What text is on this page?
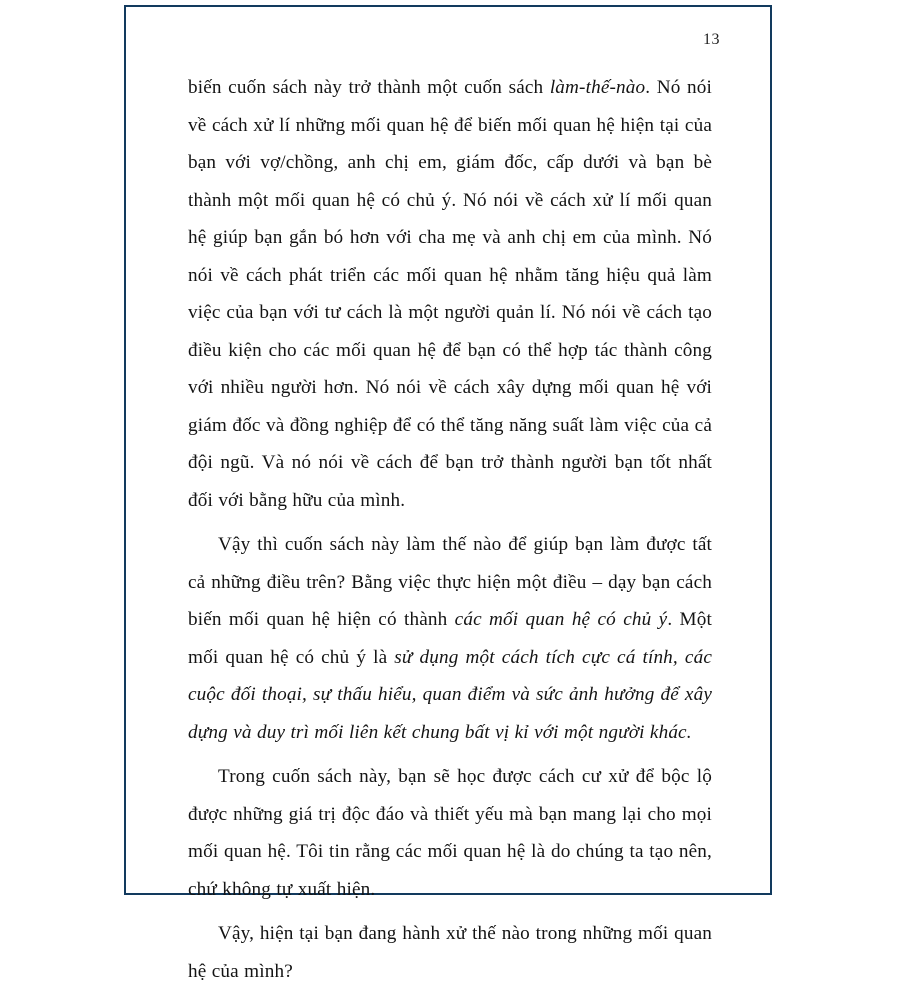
13

biến cuốn sách này trở thành một cuốn sách làm-thế-nào. Nó nói về cách xử lí những mối quan hệ để biến mối quan hệ hiện tại của bạn với vợ/chồng, anh chị em, giám đốc, cấp dưới và bạn bè thành một mối quan hệ có chủ ý. Nó nói về cách xử lí mối quan hệ giúp bạn gắn bó hơn với cha mẹ và anh chị em của mình. Nó nói về cách phát triển các mối quan hệ nhằm tăng hiệu quả làm việc của bạn với tư cách là một người quản lí. Nó nói về cách tạo điều kiện cho các mối quan hệ để bạn có thể hợp tác thành công với nhiều người hơn. Nó nói về cách xây dựng mối quan hệ với giám đốc và đồng nghiệp để có thể tăng năng suất làm việc của cả đội ngũ. Và nó nói về cách để bạn trở thành người bạn tốt nhất đối với bằng hữu của mình.

Vậy thì cuốn sách này làm thế nào để giúp bạn làm được tất cả những điều trên? Bằng việc thực hiện một điều – dạy bạn cách biến mối quan hệ hiện có thành các mối quan hệ có chủ ý. Một mối quan hệ có chủ ý là sử dụng một cách tích cực cá tính, các cuộc đối thoại, sự thấu hiểu, quan điểm và sức ảnh hưởng để xây dựng và duy trì mối liên kết chung bất vị kỉ với một người khác.

Trong cuốn sách này, bạn sẽ học được cách cư xử để bộc lộ được những giá trị độc đáo và thiết yếu mà bạn mang lại cho mọi mối quan hệ. Tôi tin rằng các mối quan hệ là do chúng ta tạo nên, chứ không tự xuất hiện.

Vậy, hiện tại bạn đang hành xử thế nào trong những mối quan hệ của mình?
